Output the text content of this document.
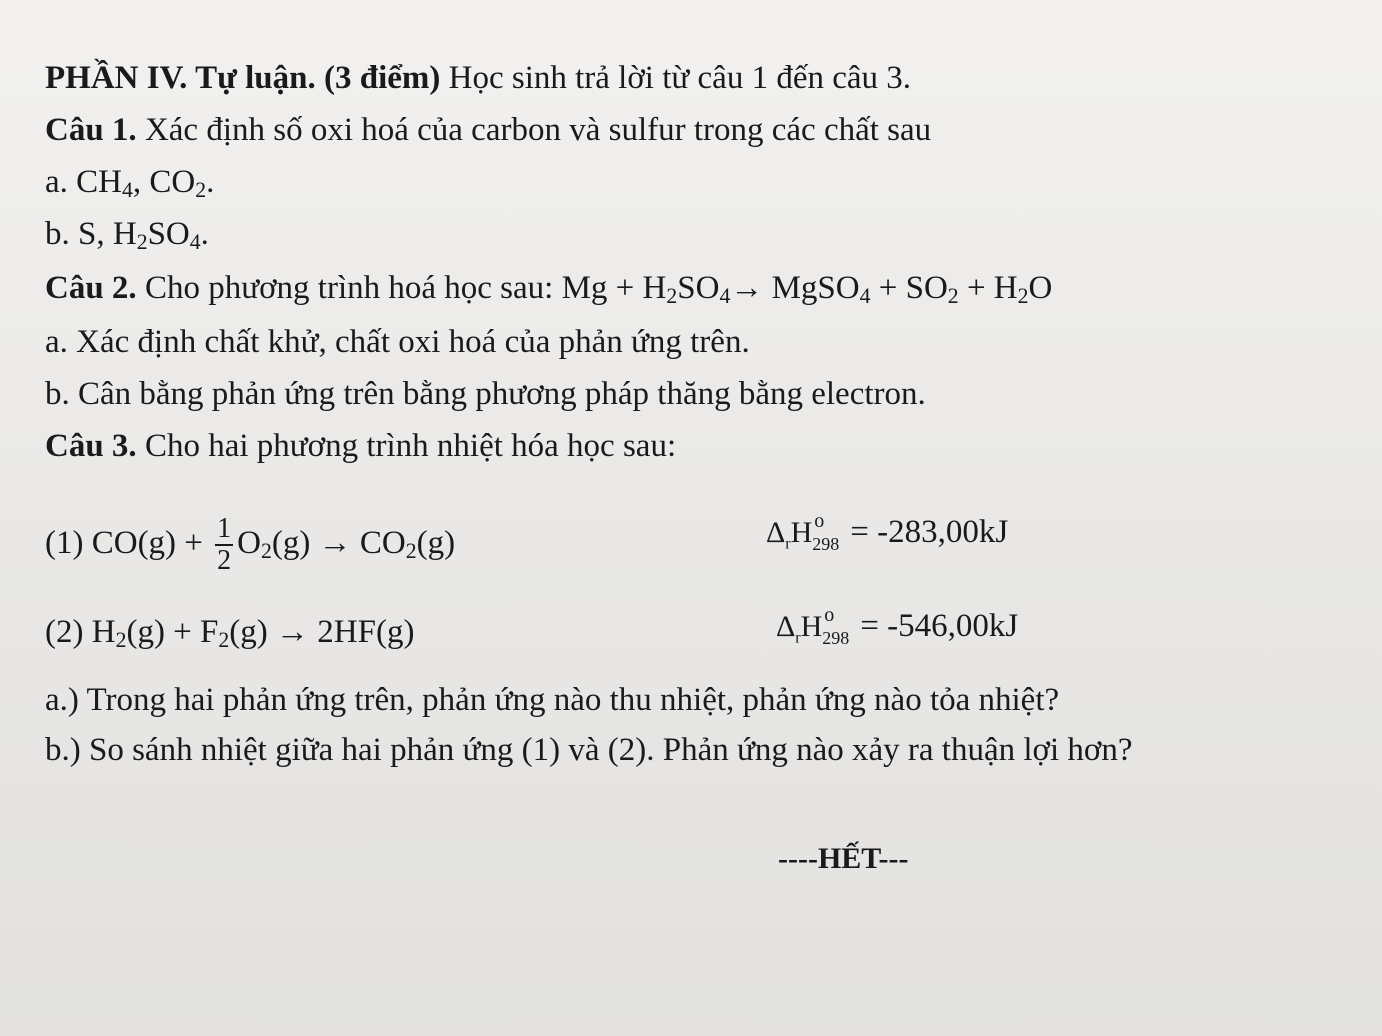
PHẦN IV. Tự luận. (3 điểm) Học sinh trả lời từ câu 1 đến câu 3.
Câu 1. Xác định số oxi hoá của carbon và sulfur trong các chất sau
a. $CH_4$, $CO_2$.
b. S, $H_2SO_4$.
Câu 2. Cho phương trình hoá học sau: $Mg + H_2SO_4\to$ MgSO$_4$ + $SO_2 + H_2O$
a. Xác định chất khử, chất oxi hoá của phản ứng trên.
b. Cân bằng phản ứng trên bằng phương pháp thăng bằng electron.
Câu 3. Cho hai phương trình nhiệt hóa học sau:
(1) $CO(g) + \frac{1}{2} O_2(g) \to CO_2(g)$	$\Delta_rH$ o
298 = -283,00kJ
(2) $H_2(g) + F_2(g) \to 2HF(g)$	$\Delta_rH$ o
298 = -546,00kJ
a.) Trong hai phản ứng trên, phản ứng nào thu nhiệt, phản ứng nào tỏa nhiệt?
b.) So sánh nhiệt giữa hai phản ứng (1) và (2). Phản ứng nào xảy ra thuận lợi hơn?
----HẾT---
